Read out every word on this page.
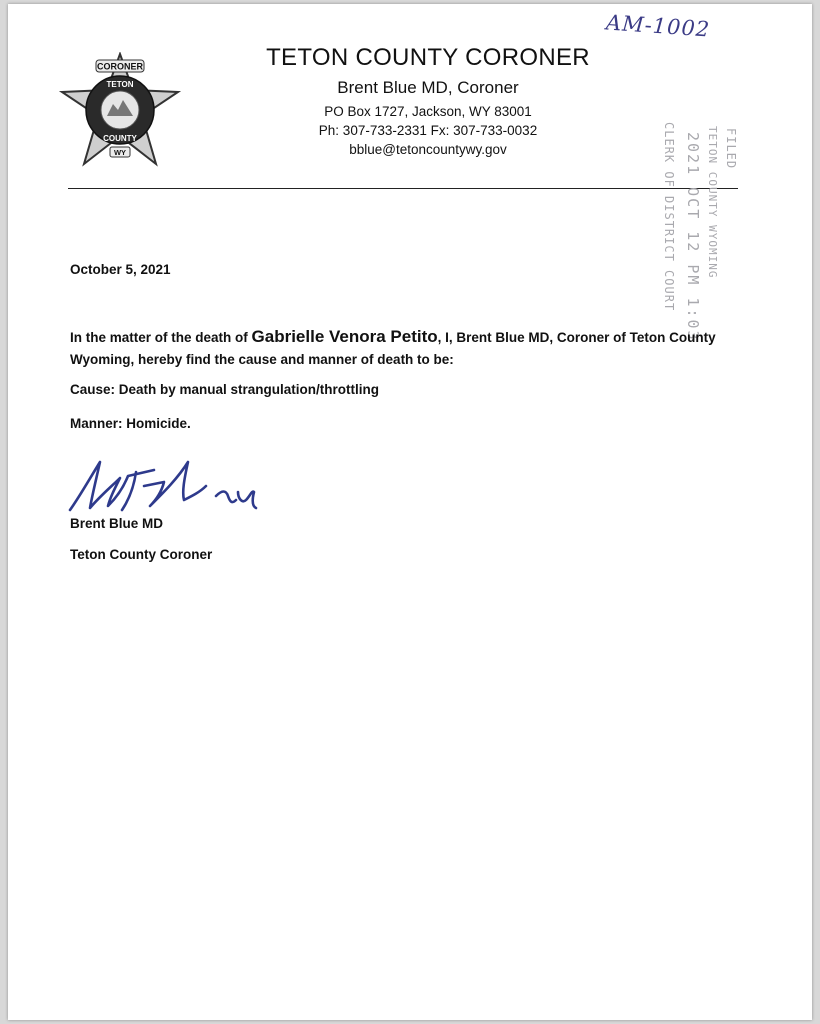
AM-1002
CORONER
TETON
COUNTY
WY
TETON COUNTY CORONER
Brent Blue MD, Coroner
PO Box 1727, Jackson, WY 83001
Ph: 307-733-2331 Fx: 307-733-0032
bblue@tetoncountywy.gov	FILED
TETON COUNTY WYOMING
2021 OCT 12 PM 1:03
CLERK OF DISTRICT COURT
October 5, 2021
In the matter of the death of Gabrielle Venora Petito, I, Brent Blue MD, Coroner of Teton County Wyoming, hereby find the cause and manner of death to be:
Cause: Death by manual strangulation/throttling
Manner: Homicide.
Brent Blue MD
Teton County Coroner
